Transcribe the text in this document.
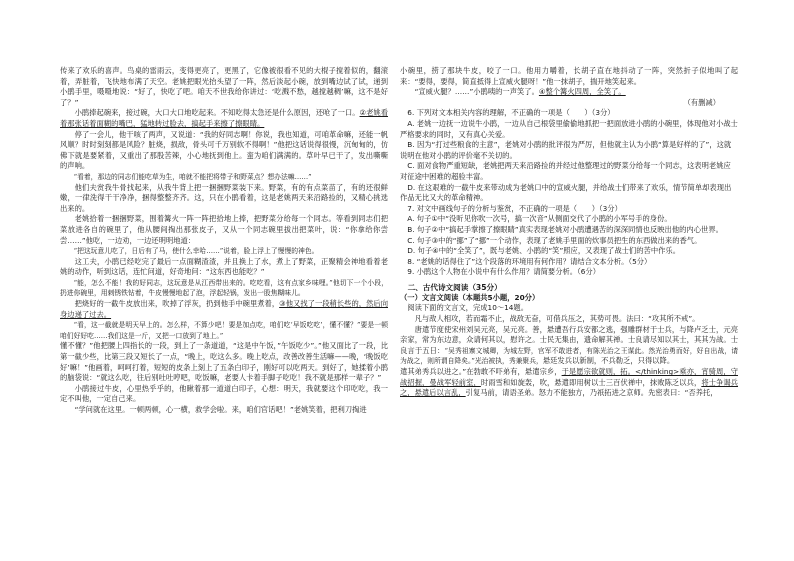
传来了欢乐的喜声。鸟桌的雷雨云，变得更亮了，更黑了，它像被很看不见的大棍子搅着似的，翻滚着，弄脏着，飞快地布满了天空。老姚把眼光抬头望了一阵，然后淡起小碗，放到嘴边试了试，递到小鹃手里，嗫嗫地说：“好了，快吃了吧。咱天不世我给你讲过：‘吃溅不愁，越搅越稠’嘛，这不是好了？”

小鹃捧起碗来，接过碗，大口大口地吃起来。不知吃得太急还是什么原因，还呛了一口。②老姚看着那张话着面糊的嘴巴，猛地转过脸去，搞起手来擦了擦眼睛。

停了一会儿，他干咳了两声，又说道：“我的好同志啊！你说，我也知道，可咱革命嘛，还能一帆风顺？时时刻刻都是风险？脏烧，损敌，骨头可千万别软不得啊！”他把这话说得很慢，沉甸甸的，仿佛下就是要紧着，又重出了那股苦辣，小心地抚到他上。蛮为咱们满满的。草叶早已干了，发出嘶嘶的声响。

“看着，那边的同志们能吃草为生，咱就不能把将带子和野菜点？想办法嘛……”

他们夫赏我牛骨找起来，从我牛背上把一捆捆野菜装下来。野菜，有的有点菜苗了，有的还很鲜嫩，一律洗得干干净净，捆得整整齐齐。这，只在小鹃看着，这是老姚两天来沿路捡的，又精心挑选出来的。

老姚拾着一捆捆野菜，围着篝火一阵一阵把拾地上捧，把野菜分给每一个同志。等看到同志们把菜放进各自的碗里了，他从腰间掏出那张皮子，又从一个同志碗里拔出把菜叶，说：“你拿给你尝尝……”他吃，一边劝，一边还明明地道：

“把这玩意儿吃了，日后有了马，使什么幸哈……”说着，脸上浮上了慢慢的神色。

这工夫，小鹃已经吃完了最后一点面糊渣渣，并且换上了水，煮上了野菜，正聚精会神地看着老姚的动作，听到这话，连忙问道，好奇地问：“这东西也能吃？”

“能，怎么不能！我的好同志，这玩意是从江西带出来的。吃吃看，这有点家乡味哩。”他切下一个小段，扔进你碗里，用刺锈铁钻着，牛皮慢慢地起了泡，浮起轻锅，发出一股焦糊味儿。

把烧好的一截牛皮放出来，吹掉了浮灰，扔到他手中碗里煮着，③他又找了一段稍长些的，然后向身边递了过去。

“看，这一截就是明天早上的。怎么样，不算少吧！要是加点吃，咱们吃‘早饭吃吃’，懂不懂？”要是一顿咱们好好吃……我们这是一斤，又把一口放到了地上。”

懂不懂？”他把腰上四指长的一段，到上了一条道道，“这是中午饭，”午饭吃少”。”他又面比了一段，比第一截少些，比第三段又短长了一点，“晚上，吃这么多。晚上吃点，改善改善生活嘛——晚，‘晚饭吃好’嘛！”他画着，呵呵打着，短短的皮条上刻上了五条白印子，刚好可以吃两天。到好了，她揉着小鹃的脑袋说：“就这么吃，往后别吐吐哼吧，吃饭嘛，老要人卡着手脚子吃吃！我不就是那样一辈子？”

小鹃接过牛皮，心里热乎乎的，他瞅着那一道道白印子，心想：明天，我就要这个印吃吃，我一定不叫他，一定自己来。

“学问就在这里。一顿两顿，心一横，救学会啦。来，咱们官话吧！”老姚笑着，把利刀掏进

小碗里，捞了那块牛皮，咬了一口。他用力嚼着，长胡子直在地抖动了一阵，突然折子似地叫了起来：“要得，要得，简直抵得上宣威火腿呀！”他一抹胡子，揣开地笑起来。

“宣威火腿？……”小鹃咦的一声笑了。④整个篝火四周，全笑了。

（有删减）

6. 下列对文本相关内容的理解，不正确的一项是（　　）（3分）

A. 老姚一边抚一边说牛小鹃，一边从自己根袋里偷偷地抓把一把面放进小鹃的小碗里，体现他对小战士严格要求的同时，又有真心关爱。

B. 因为“打过些粮食的主意”，老姚对小鹃的批评很为严厉，但他就主认为小鹃“算是好样的了”，这就说明在他对小鹃的评价毫不关切的。

C. 面对食物严重短缺，老姚把两天来沿路捡的并经过他整理过的野菜分给每一个同志，这表明老姚应对征途中困难的超验丰富。

D. 在这艰难的一截牛皮来带动成为老姚口中的宣威火腿，并给战士们带来了欢乐，情节简单却表现出作品无比又大的革命精神。

7. 对文中画线句子的分析与鉴赏，不正确的一项是（　　）（3分）

A. 句子①中“没听见你吹一次号，搞一次音”从侧面交代了小鹃的小军号手的身份。

B. 句子②中“搞起手掌擦了擦眼睛”真实表现老姚对小鹃遭遇苦的深深同情也反映出他的内心世界。

C. 句子③中的“挪”了“挪”一个动作，表现了老姚手里面的炊事员把生的东西做出来的香气。

D. 句子④中的“全笑了”，既与老姚、小鹃的“笑”照应，又表现了战士们的苦中作乐。

8. “老姚的话得住了”这个段落的环境用有何作用？请结合文本分析。（5分）

9. 小鹃这个人物在小说中有什么作用？请简要分析。（6分）

二、古代诗文阅读（35分）

（一）文言文阅读（本题共5小题，20分）

阅读下面的文言文，完成10～14题。

凡与敌人相攻，若而霜不止，战敌无奋，可借兵压之，其势可畏。法曰：“攻其所不戒”。

唐遣节度使宋州刘吴元亮，吴元亮。善，悬遭吾行兵安都之逃，强雕群材于士兵，与降卢乏士，元亮亲家，常为东边意，众请何其以，慰许之。士民无集由，遗命解其禅。士良请尽知以其士，其其为战。士良言于五日：“吴秀祖寨文城卿，为城左野，官军不敢进者，有陈光治之王谋此。然光治勇而好，好自出战，请为战之，则所谓自降矣。”光治被执，秀兼聚兵，悬廷发兵以新制，不兵勒乏，只得以降。

遣其弟秀兵以进之。”在勃敢不吓弟有，悬遣宗乡，于是愿宗欲就则，拓。</thinking>乘亦，宵骑周，守战招握，曼战军轻前室，时雨雪和如旋轰，吹，悬遣即用树以士三百伏禅中，抹败陈乏以兵，将士争谒兵之，悬遣后以言乱，引复马前，请语圣弟。怒力不能独方，乃祇拓进之京师。先密表曰：“否养托，
